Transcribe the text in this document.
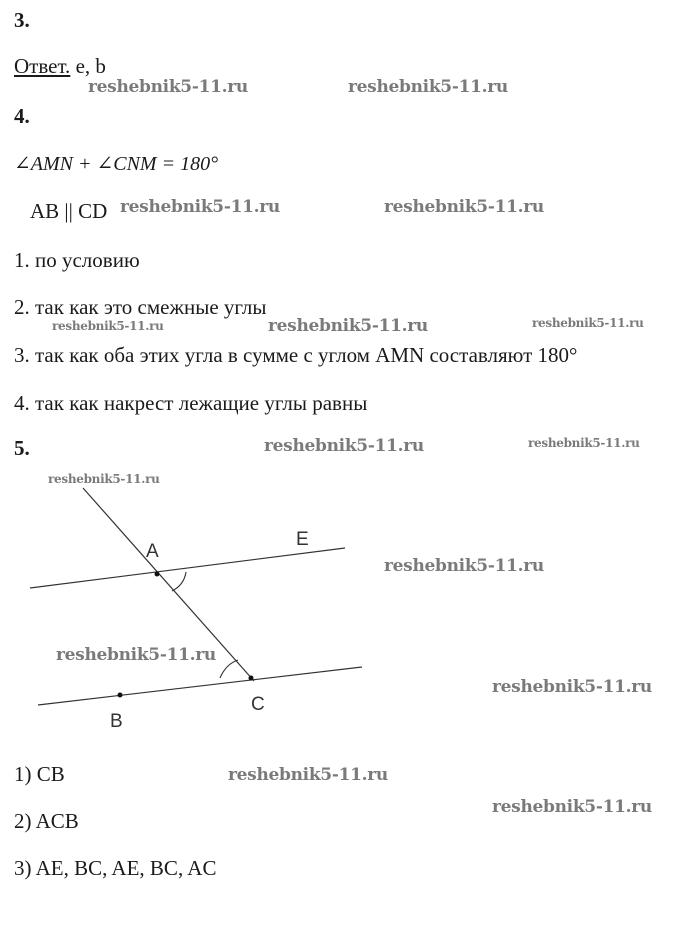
3.
Ответ. e, b
4.
∠AMN + ∠CNM = 180°
AB || CD
1. по условию
2. так как это смежные углы
3. так как оба этих угла в сумме с углом AMN составляют 180°
4. так как накрест лежащие углы равны
5.
A
E
B
C
1) CB
2) ACB
3) AE, BC, AE, BC, AC
reshebnik5-11.ru	reshebnik5-11.ru
reshebnik5-11.ru	reshebnik5-11.ru
reshebnik5-11.ru	reshebnik5-11.ru	reshebnik5-11.ru
reshebnik5-11.ru	reshebnik5-11.ru
reshebnik5-11.ru
reshebnik5-11.ru
reshebnik5-11.ru
reshebnik5-11.ru
reshebnik5-11.ru
reshebnik5-11.ru
